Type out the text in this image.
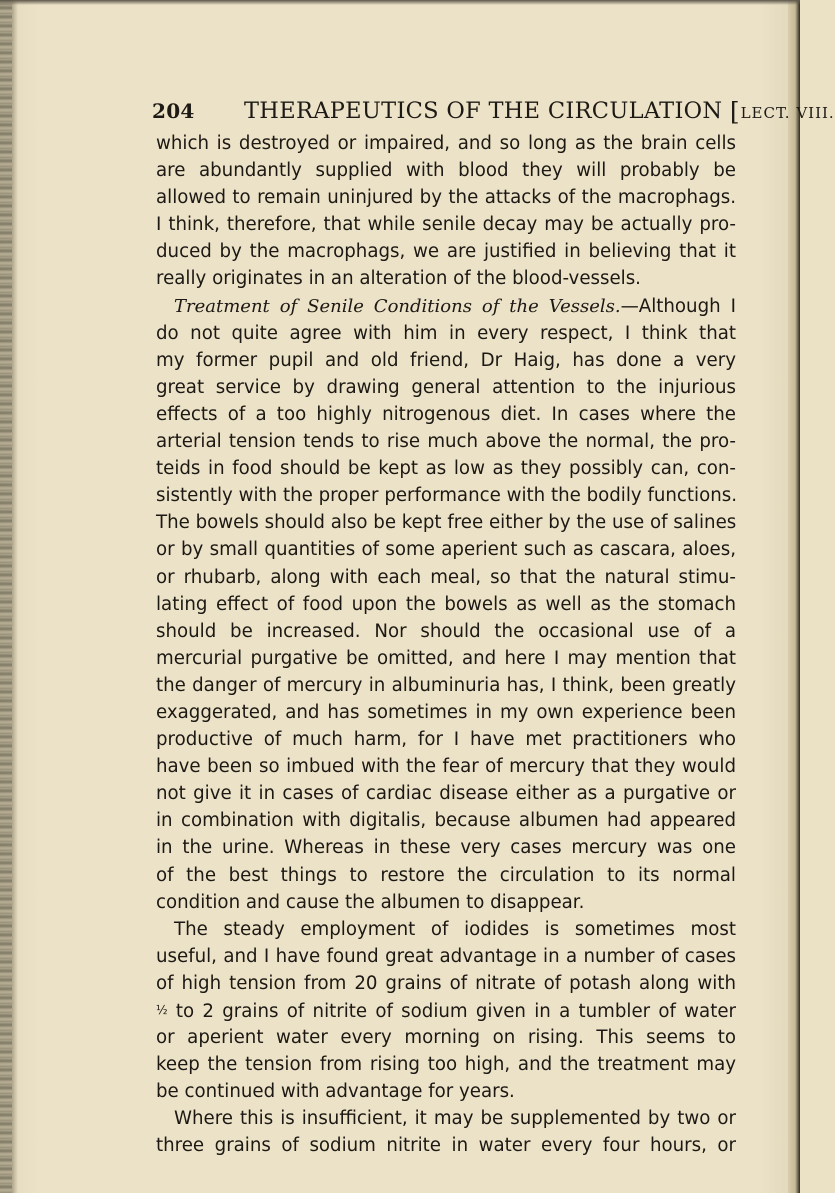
204 THERAPEUTICS OF THE CIRCULATION [LECT. VIII.
which is destroyed or impaired, and so long as the brain cells
are abundantly supplied with blood they will probably be
allowed to remain uninjured by the attacks of the macrophags.
I think, therefore, that while senile decay may be actually pro-
duced by the macrophags, we are justified in believing that it
really originates in an alteration of the blood-vessels.
Treatment of Senile Conditions of the Vessels.—Although I
do not quite agree with him in every respect, I think that
my former pupil and old friend, Dr Haig, has done a very
great service by drawing general attention to the injurious
effects of a too highly nitrogenous diet. In cases where the
arterial tension tends to rise much above the normal, the pro-
teids in food should be kept as low as they possibly can, con-
sistently with the proper performance with the bodily functions.
The bowels should also be kept free either by the use of salines
or by small quantities of some aperient such as cascara, aloes,
or rhubarb, along with each meal, so that the natural stimu-
lating effect of food upon the bowels as well as the stomach
should be increased. Nor should the occasional use of a
mercurial purgative be omitted, and here I may mention that
the danger of mercury in albuminuria has, I think, been greatly
exaggerated, and has sometimes in my own experience been
productive of much harm, for I have met practitioners who
have been so imbued with the fear of mercury that they would
not give it in cases of cardiac disease either as a purgative or
in combination with digitalis, because albumen had appeared
in the urine. Whereas in these very cases mercury was one
of the best things to restore the circulation to its normal
condition and cause the albumen to disappear.
The steady employment of iodides is sometimes most
useful, and I have found great advantage in a number of cases
of high tension from 20 grains of nitrate of potash along with
½ to 2 grains of nitrite of sodium given in a tumbler of water
or aperient water every morning on rising. This seems to
keep the tension from rising too high, and the treatment may
be continued with advantage for years.
Where this is insufficient, it may be supplemented by two or
three grains of sodium nitrite in water every four hours, or
